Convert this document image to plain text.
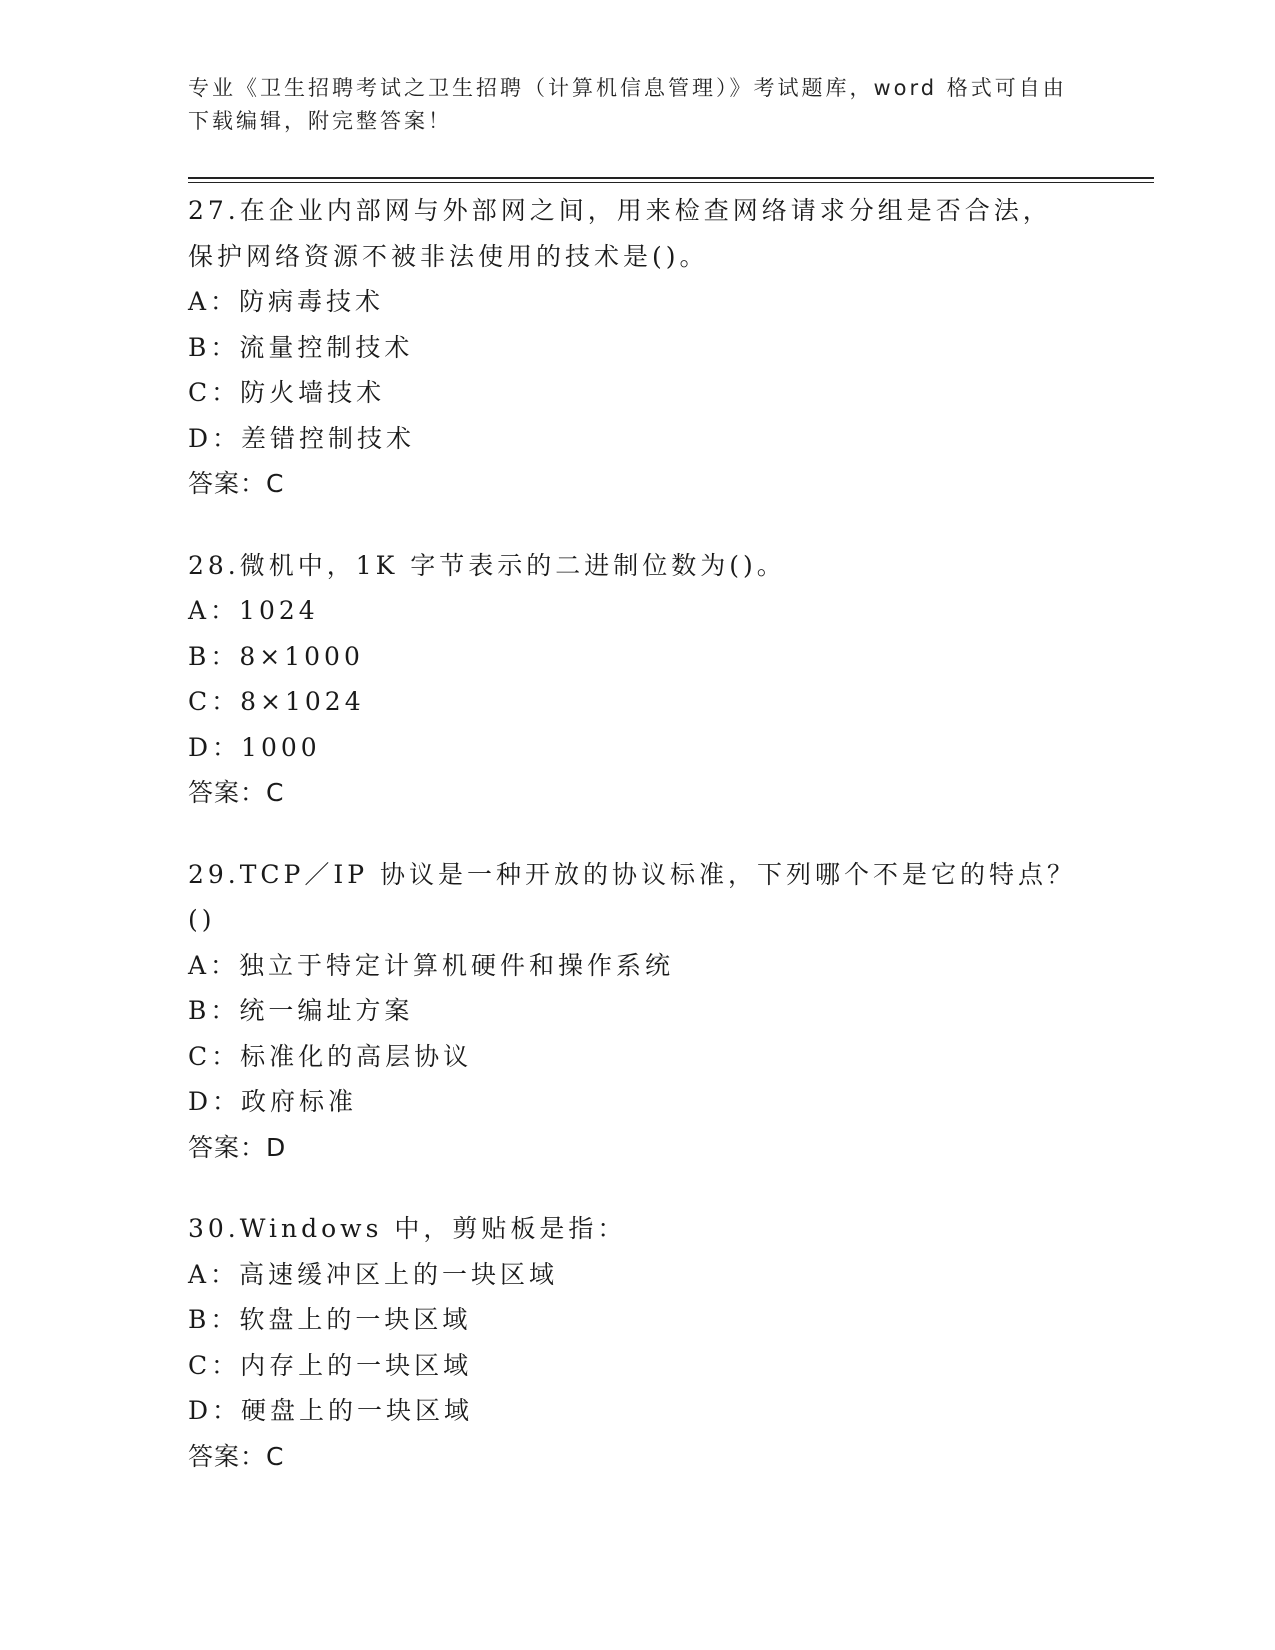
专业《卫生招聘考试之卫生招聘（计算机信息管理）》考试题库，word 格式可自由下载编辑，附完整答案！
27.在企业内部网与外部网之间，用来检查网络请求分组是否合法，保护网络资源不被非法使用的技术是()。
A：防病毒技术
B：流量控制技术
C：防火墙技术
D：差错控制技术
答案：C
28.微机中，1K 字节表示的二进制位数为()。
A：1024
B：8×1000
C：8×1024
D：1000
答案：C
29.TCP／IP 协议是一种开放的协议标准，下列哪个不是它的特点？()
A：独立于特定计算机硬件和操作系统
B：统一编址方案
C：标准化的高层协议
D：政府标准
答案：D
30.Windows 中，剪贴板是指：
A：高速缓冲区上的一块区域
B：软盘上的一块区域
C：内存上的一块区域
D：硬盘上的一块区域
答案：C
